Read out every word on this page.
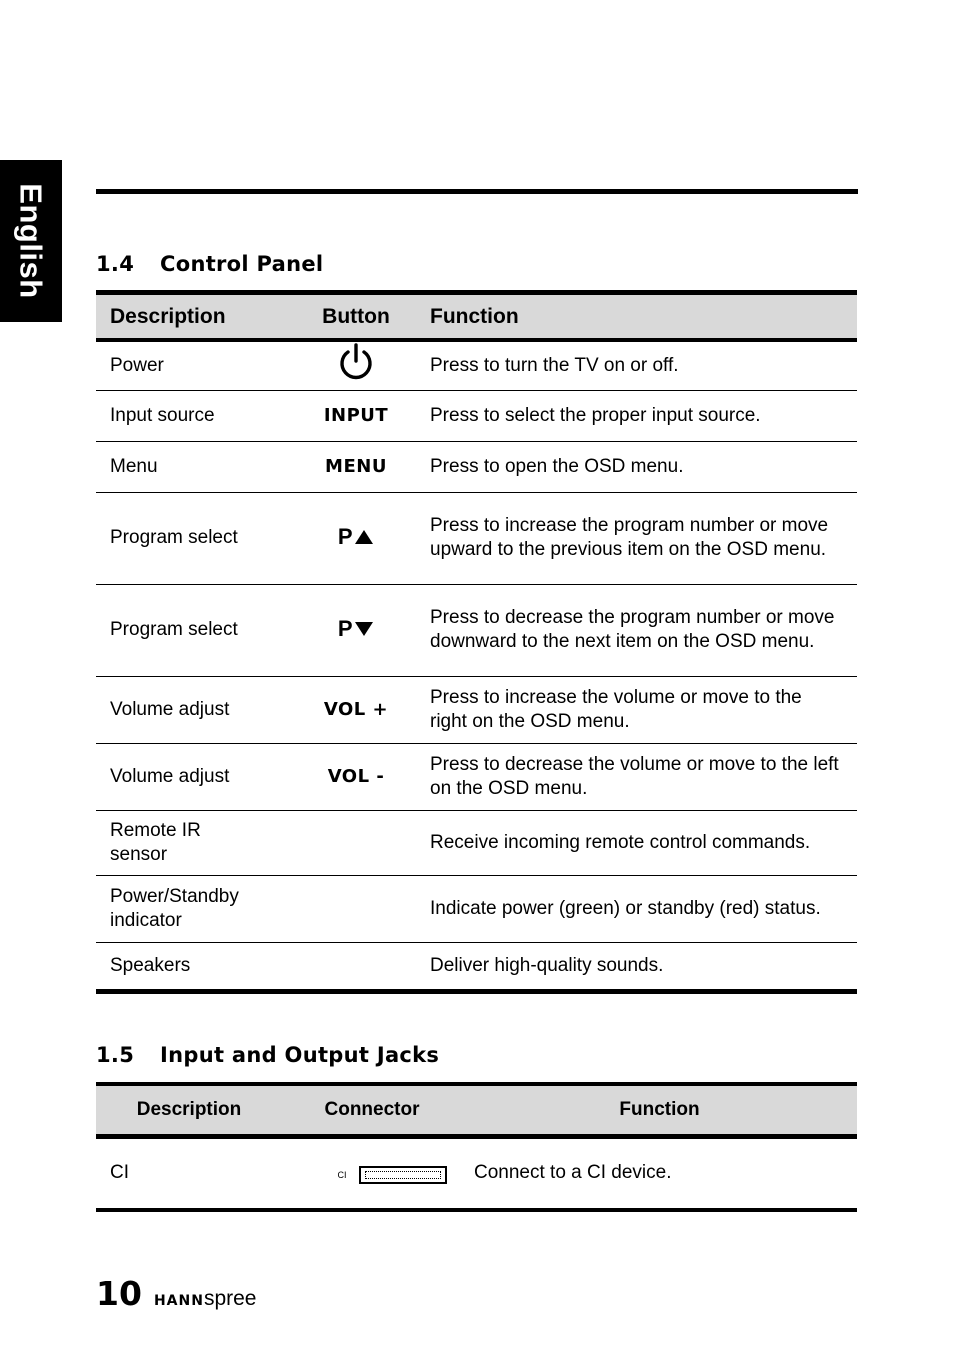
English 1.4 Control Panel
Description	Button	Function
Power		Press to turn the TV on or off.
Input source	INPUT	Press to select the proper input source.
Menu	MENU	Press to open the OSD menu.
Program select	P	Press to increase the program number or move upward to the previous item on the OSD menu.
Program select	P	Press to decrease the program number or move downward to the next item on the OSD menu.
Volume adjust	VOL +	Press to increase the volume or move to the right on the OSD menu.
Volume adjust	VOL -	Press to decrease the volume or move to the left on the OSD menu.
Remote IR sensor		Receive incoming remote control commands.
Power/Standby indicator		Indicate power (green) or standby (red) status.
Speakers		Deliver high-quality sounds.
1.5 Input and Output Jacks
Description	Connector	Function
CI	CI	Connect to a CI device.
10 HANNspree
